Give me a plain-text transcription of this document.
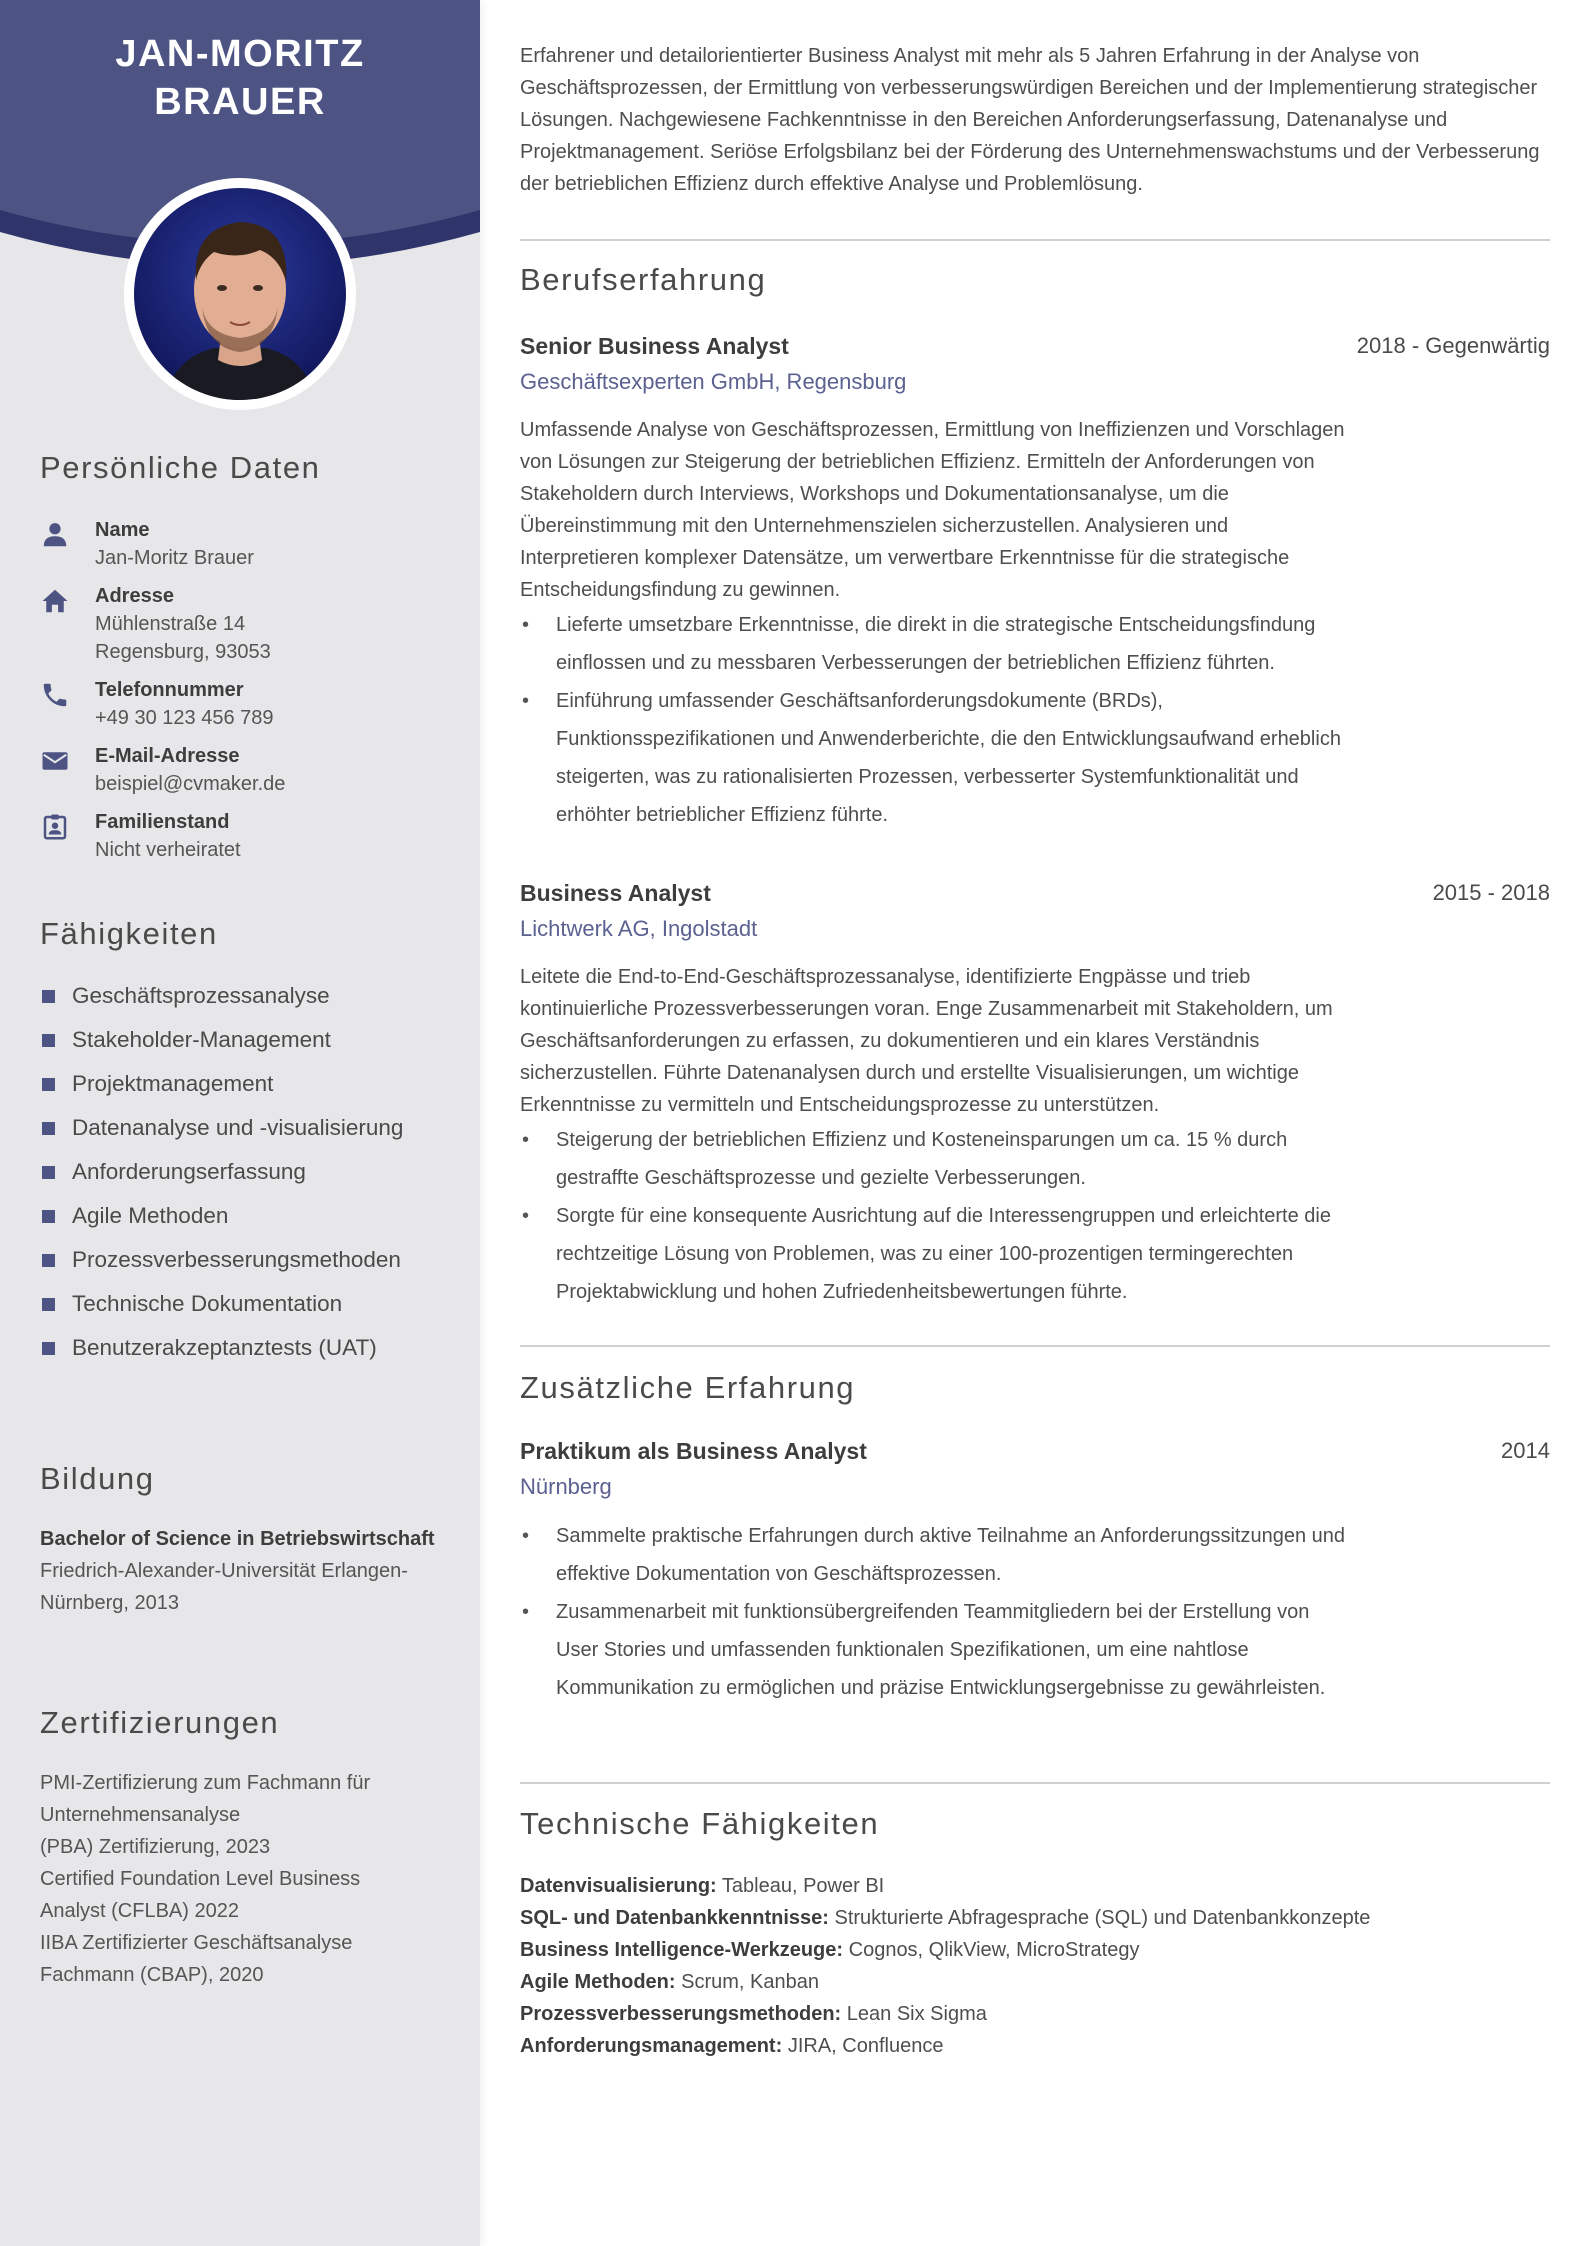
JAN-MORITZ
BRAUER
Persönliche Daten
Name
Jan-Moritz Brauer
Adresse
Mühlenstraße 14
Regensburg, 93053
Telefonnummer
+49 30 123 456 789
E-Mail-Adresse
beispiel@cvmaker.de
Familienstand
Nicht verheiratet
Fähigkeiten
Geschäftsprozessanalyse
Stakeholder-Management
Projektmanagement
Datenanalyse und -visualisierung
Anforderungserfassung
Agile Methoden
Prozessverbesserungsmethoden
Technische Dokumentation
Benutzerakzeptanztests (UAT)
Bildung
Bachelor of Science in Betriebswirtschaft
Friedrich-Alexander-Universität Erlangen-
Nürnberg, 2013
Zertifizierungen
PMI-Zertifizierung zum Fachmann für
Unternehmensanalyse
(PBA) Zertifizierung, 2023
Certified Foundation Level Business
Analyst (CFLBA) 2022
IIBA Zertifizierter Geschäftsanalyse
Fachmann (CBAP), 2020

Erfahrener und detailorientierter Business Analyst mit mehr als 5 Jahren Erfahrung in der Analyse von Geschäftsprozessen, der Ermittlung von verbesserungswürdigen Bereichen und der Implementierung strategischer Lösungen. Nachgewiesene Fachkenntnisse in den Bereichen Anforderungserfassung, Datenanalyse und Projektmanagement. Seriöse Erfolgsbilanz bei der Förderung des Unternehmenswachstums und der Verbesserung der betrieblichen Effizienz durch effektive Analyse und Problemlösung.

Berufserfahrung
Senior Business Analyst	2018 - Gegenwärtig
Geschäftsexperten GmbH, Regensburg
Umfassende Analyse von Geschäftsprozessen, Ermittlung von Ineffizienzen und Vorschlagen von Lösungen zur Steigerung der betrieblichen Effizienz. Ermitteln der Anforderungen von Stakeholdern durch Interviews, Workshops und Dokumentationsanalyse, um die Übereinstimmung mit den Unternehmenszielen sicherzustellen. Analysieren und Interpretieren komplexer Datensätze, um verwertbare Erkenntnisse für die strategische Entscheidungsfindung zu gewinnen.
• Lieferte umsetzbare Erkenntnisse, die direkt in die strategische Entscheidungsfindung einflossen und zu messbaren Verbesserungen der betrieblichen Effizienz führten.
• Einführung umfassender Geschäftsanforderungsdokumente (BRDs), Funktionsspezifikationen und Anwenderberichte, die den Entwicklungsaufwand erheblich steigerten, was zu rationalisierten Prozessen, verbesserter Systemfunktionalität und erhöhter betrieblicher Effizienz führte.
Business Analyst	2015 - 2018
Lichtwerk AG, Ingolstadt
Leitete die End-to-End-Geschäftsprozessanalyse, identifizierte Engpässe und trieb kontinuierliche Prozessverbesserungen voran. Enge Zusammenarbeit mit Stakeholdern, um Geschäftsanforderungen zu erfassen, zu dokumentieren und ein klares Verständnis sicherzustellen. Führte Datenanalysen durch und erstellte Visualisierungen, um wichtige Erkenntnisse zu vermitteln und Entscheidungsprozesse zu unterstützen.
• Steigerung der betrieblichen Effizienz und Kosteneinsparungen um ca. 15 % durch gestraffte Geschäftsprozesse und gezielte Verbesserungen.
• Sorgte für eine konsequente Ausrichtung auf die Interessengruppen und erleichterte die rechtzeitige Lösung von Problemen, was zu einer 100-prozentigen termingerechten Projektabwicklung und hohen Zufriedenheitsbewertungen führte.
Zusätzliche Erfahrung
Praktikum als Business Analyst	2014
Nürnberg
• Sammelte praktische Erfahrungen durch aktive Teilnahme an Anforderungssitzungen und effektive Dokumentation von Geschäftsprozessen.
• Zusammenarbeit mit funktionsübergreifenden Teammitgliedern bei der Erstellung von User Stories und umfassenden funktionalen Spezifikationen, um eine nahtlose Kommunikation zu ermöglichen und präzise Entwicklungsergebnisse zu gewährleisten.
Technische Fähigkeiten
Datenvisualisierung: Tableau, Power BI
SQL- und Datenbankkenntnisse: Strukturierte Abfragesprache (SQL) und Datenbankkonzepte
Business Intelligence-Werkzeuge: Cognos, QlikView, MicroStrategy
Agile Methoden: Scrum, Kanban
Prozessverbesserungsmethoden: Lean Six Sigma
Anforderungsmanagement: JIRA, Confluence
